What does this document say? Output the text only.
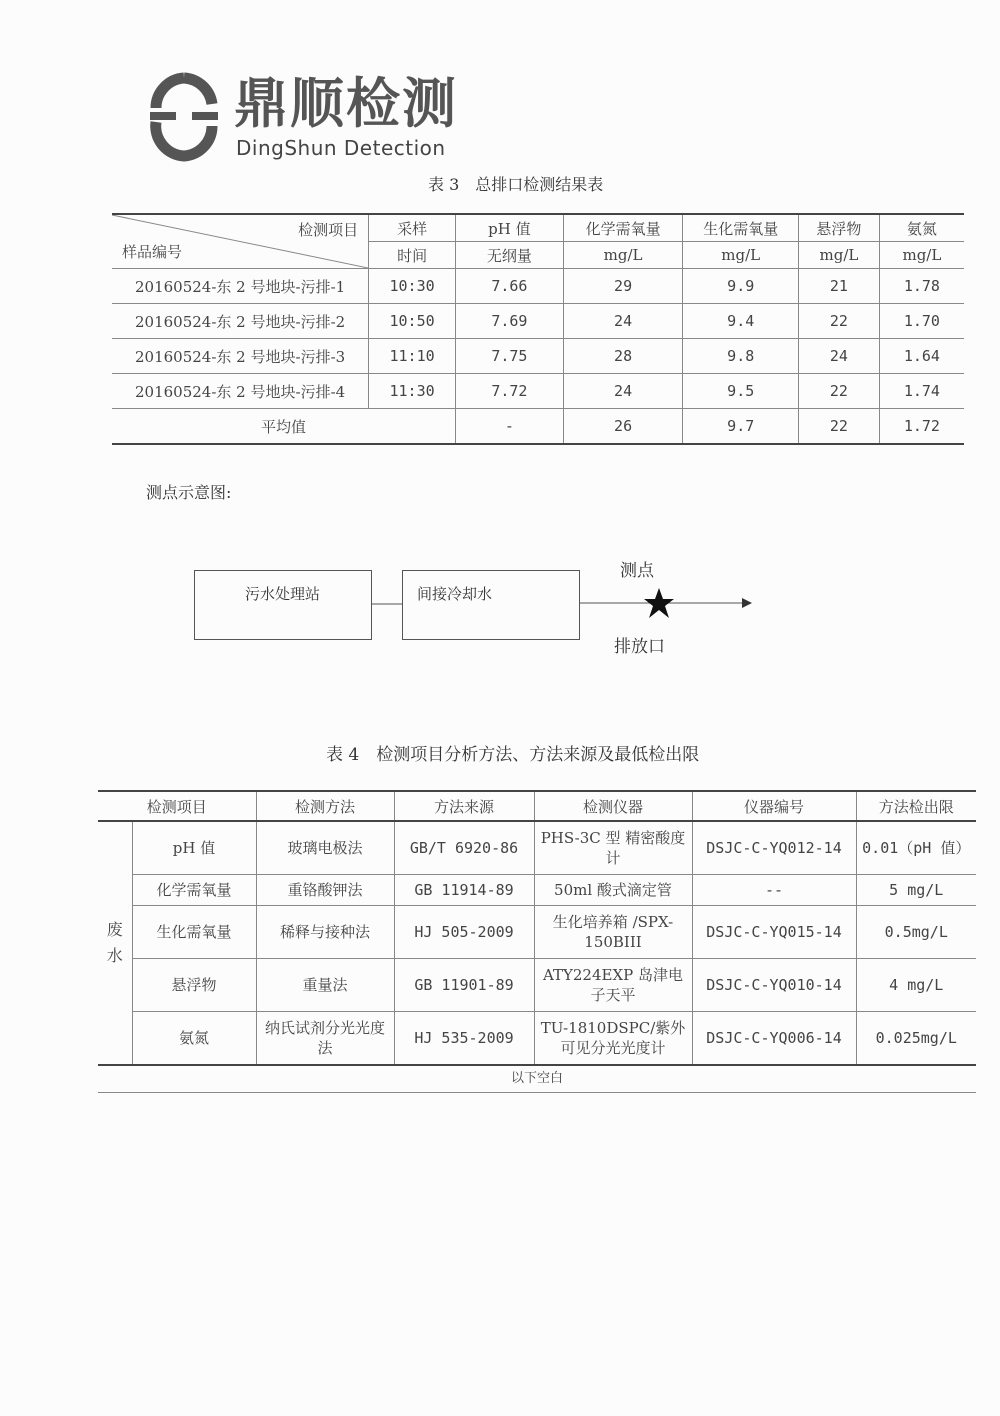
鼎顺检测
DingShun Detection
表 3　总排口检测结果表
检测项目
样品编号	采样	pH 值	化学需氧量	生化需氧量	悬浮物	氨氮
	时间	无纲量	mg/L	mg/L	mg/L	mg/L
20160524-东 2 号地块-污排-1	10:30	7.66	29	9.9	21	1.78
20160524-东 2 号地块-污排-2	10:50	7.69	24	9.4	22	1.70
20160524-东 2 号地块-污排-3	11:10	7.75	28	9.8	24	1.64
20160524-东 2 号地块-污排-4	11:30	7.72	24	9.5	22	1.74
平均值		-	26	9.7	22	1.72
测点示意图:
污水处理站	间接冷却水
测点
排放口
表 4　检测项目分析方法、方法来源及最低检出限
检测项目		检测方法	方法来源	检测仪器	仪器编号	方法检出限
废水	pH 值	玻璃电极法	GB/T 6920-86	PHS-3C 型 精密酸度计	DSJC-C-YQ012-14	0.01（pH 值）
	化学需氧量	重铬酸钾法	GB 11914-89	50ml 酸式滴定管	--	5 mg/L
	生化需氧量	稀释与接种法	HJ 505-2009	生化培养箱 /SPX-150BIII	DSJC-C-YQ015-14	0.5mg/L
	悬浮物	重量法	GB 11901-89	ATY224EXP 岛津电子天平	DSJC-C-YQ010-14	4 mg/L
	氨氮	纳氏试剂分光光度法	HJ 535-2009	TU-1810DSPC/紫外可见分光光度计	DSJC-C-YQ006-14	0.025mg/L
以下空白						
